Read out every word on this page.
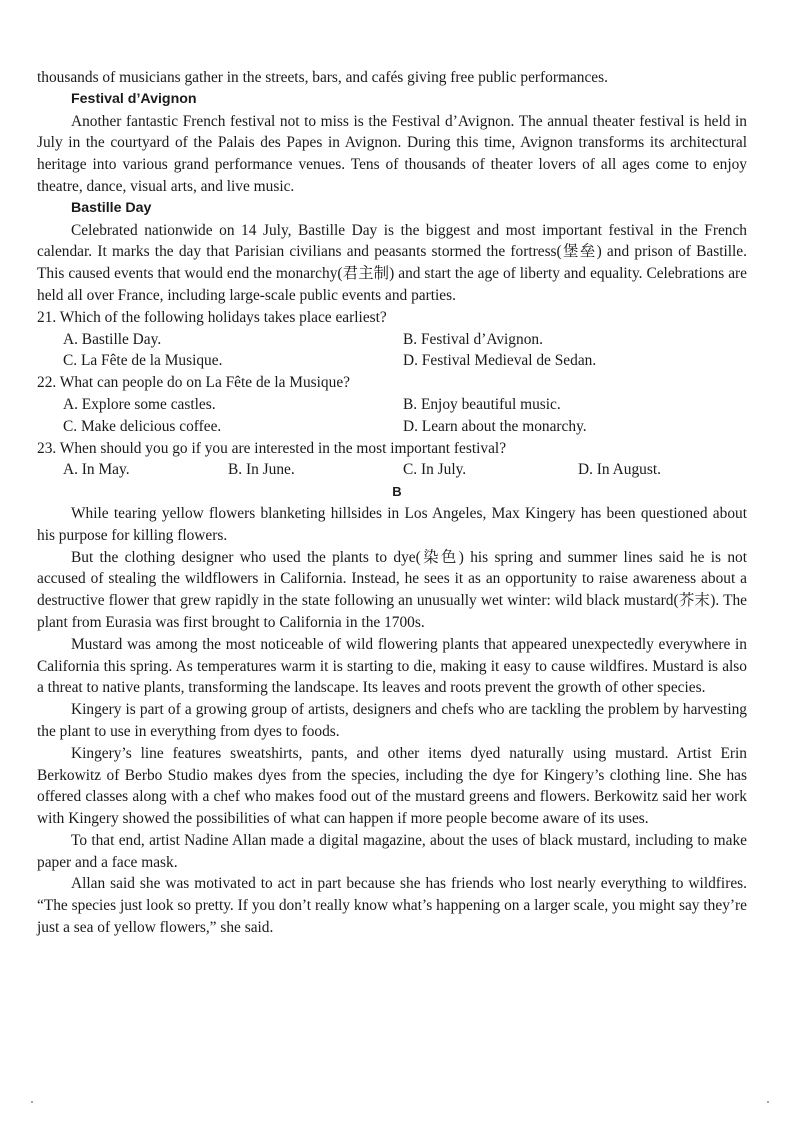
thousands of musicians gather in the streets, bars, and cafés giving free public performances.

Festival d’Avignon

Another fantastic French festival not to miss is the Festival d’Avignon. The annual theater festival is held in July in the courtyard of the Palais des Papes in Avignon. During this time, Avignon transforms its architectural heritage into various grand performance venues. Tens of thousands of theater lovers of all ages come to enjoy theatre, dance, visual arts, and live music.

Bastille Day

Celebrated nationwide on 14 July, Bastille Day is the biggest and most important festival in the French calendar. It marks the day that Parisian civilians and peasants stormed the fortress(堡垒) and prison of Bastille. This caused events that would end the monarchy(君主制) and start the age of liberty and equality. Celebrations are held all over France, including large-scale public events and parties.

21. Which of the following holidays takes place earliest?

A. Bastille Day.	B. Festival d’Avignon.
C. La Fête de la Musique.	D. Festival Medieval de Sedan.

22. What can people do on La Fête de la Musique?

A. Explore some castles.	B. Enjoy beautiful music.
C. Make delicious coffee.	D. Learn about the monarchy.

23. When should you go if you are interested in the most important festival?

A. In May.	B. In June.	C. In July.	D. In August.
B

While tearing yellow flowers blanketing hillsides in Los Angeles, Max Kingery has been questioned about his purpose for killing flowers.

But the clothing designer who used the plants to dye(染色) his spring and summer lines said he is not accused of stealing the wildflowers in California. Instead, he sees it as an opportunity to raise awareness about a destructive flower that grew rapidly in the state following an unusually wet winter: wild black mustard(芥末). The plant from Eurasia was first brought to California in the 1700s.

Mustard was among the most noticeable of wild flowering plants that appeared unexpectedly everywhere in California this spring. As temperatures warm it is starting to die, making it easy to cause wildfires. Mustard is also a threat to native plants, transforming the landscape. Its leaves and roots prevent the growth of other species.

Kingery is part of a growing group of artists, designers and chefs who are tackling the problem by harvesting the plant to use in everything from dyes to foods.

Kingery’s line features sweatshirts, pants, and other items dyed naturally using mustard. Artist Erin Berkowitz of Berbo Studio makes dyes from the species, including the dye for Kingery’s clothing line. She has offered classes along with a chef who makes food out of the mustard greens and flowers. Berkowitz said her work with Kingery showed the possibilities of what can happen if more people become aware of its uses.

To that end, artist Nadine Allan made a digital magazine, about the uses of black mustard, including to make paper and a face mask.

Allan said she was motivated to act in part because she has friends who lost nearly everything to wildfires. “The species just look so pretty. If you don’t really know what’s happening on a larger scale, you might say they’re just a sea of yellow flowers,” she said.
